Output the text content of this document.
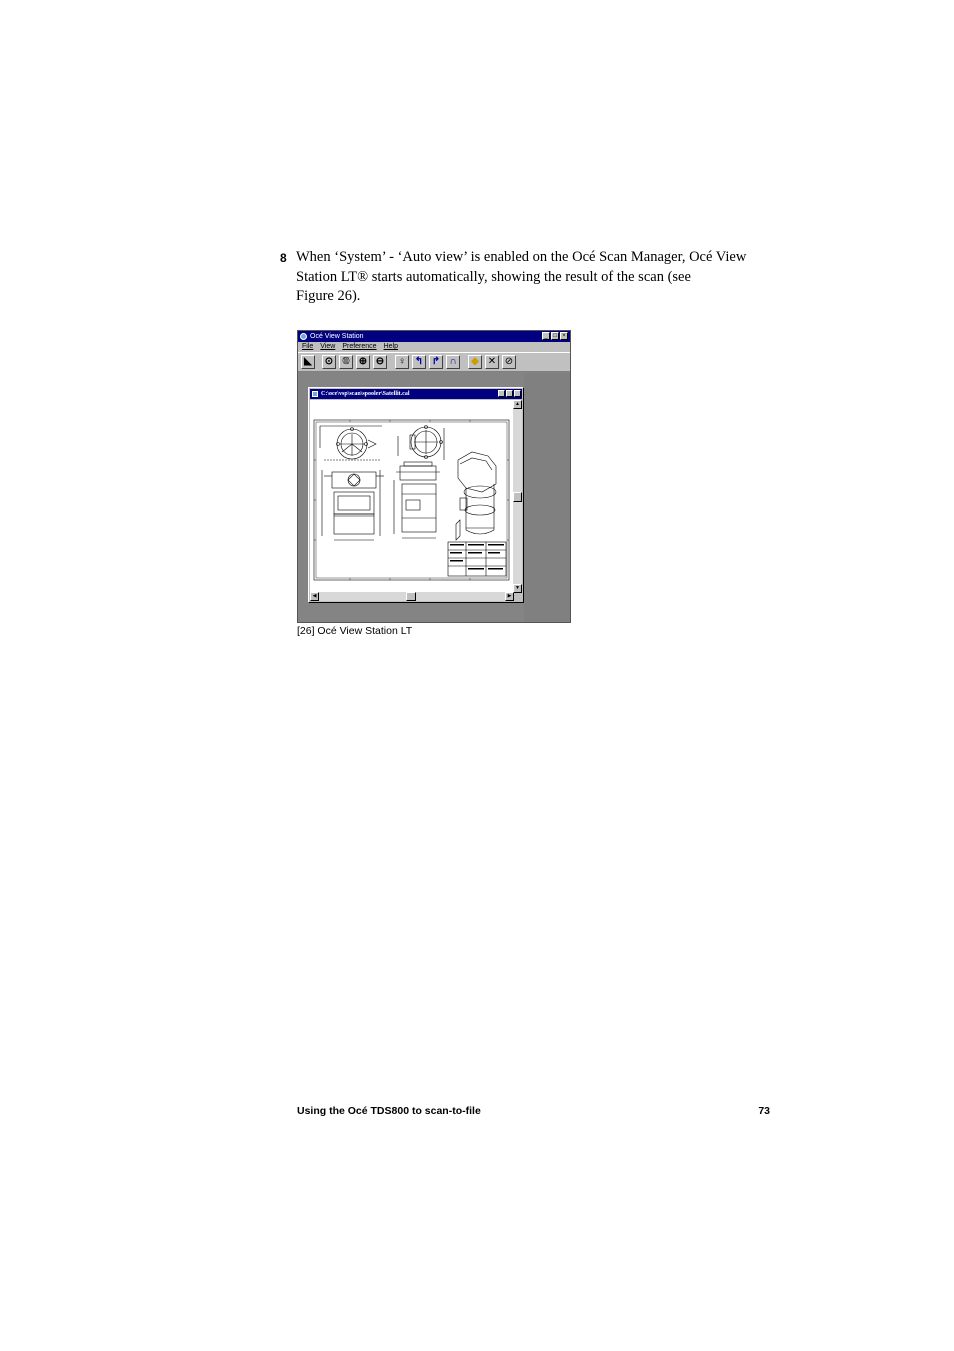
8 When ‘System’ - ‘Auto view’ is enabled on the Océ Scan Manager, Océ View
Station LT® starts automatically, showing the result of the scan (see
Figure 26).
Océ View Station	_ □ ×
File View Preference Help
◣	⊙	⑪ ⊕ ⊖	♀ ↰ ↱ ∩	◆ ✕ ⊘
C:\oce\vsp\scan\spooler\Satellit.cal
▲
▼
◀	▶
[26] Océ View Station LT
Using the Océ TDS800 to scan-to-file	73
